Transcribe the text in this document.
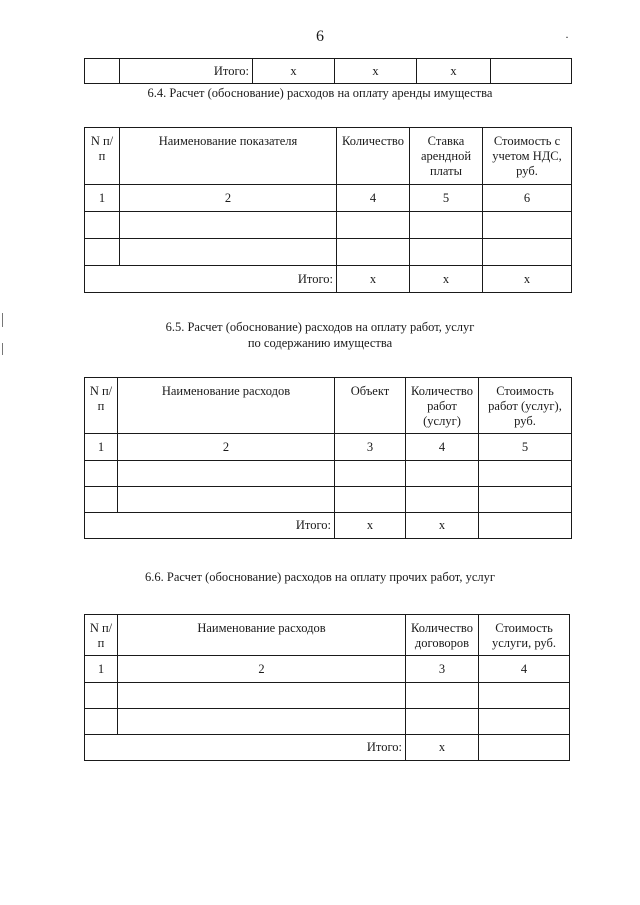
6	·
	Итого:	x	x	x	
6.4. Расчет (обоснование) расходов на оплату аренды имущества
N п/п	Наименование показателя	Количество	Ставка арендной платы	Стоимость с учетом НДС, руб.
1	2	4	5	6

Итого:		x	x	x
6.5. Расчет (обоснование) расходов на оплату работ, услуг
по содержанию имущества
N п/п	Наименование расходов	Объект	Количество работ (услуг)	Стоимость работ (услуг), руб.
1	2	3	4	5

Итого:		x	x	
6.6. Расчет (обоснование) расходов на оплату прочих работ, услуг
N п/п	Наименование расходов	Количество договоров	Стоимость услуги, руб.
1	2	3	4

Итого:		x	
